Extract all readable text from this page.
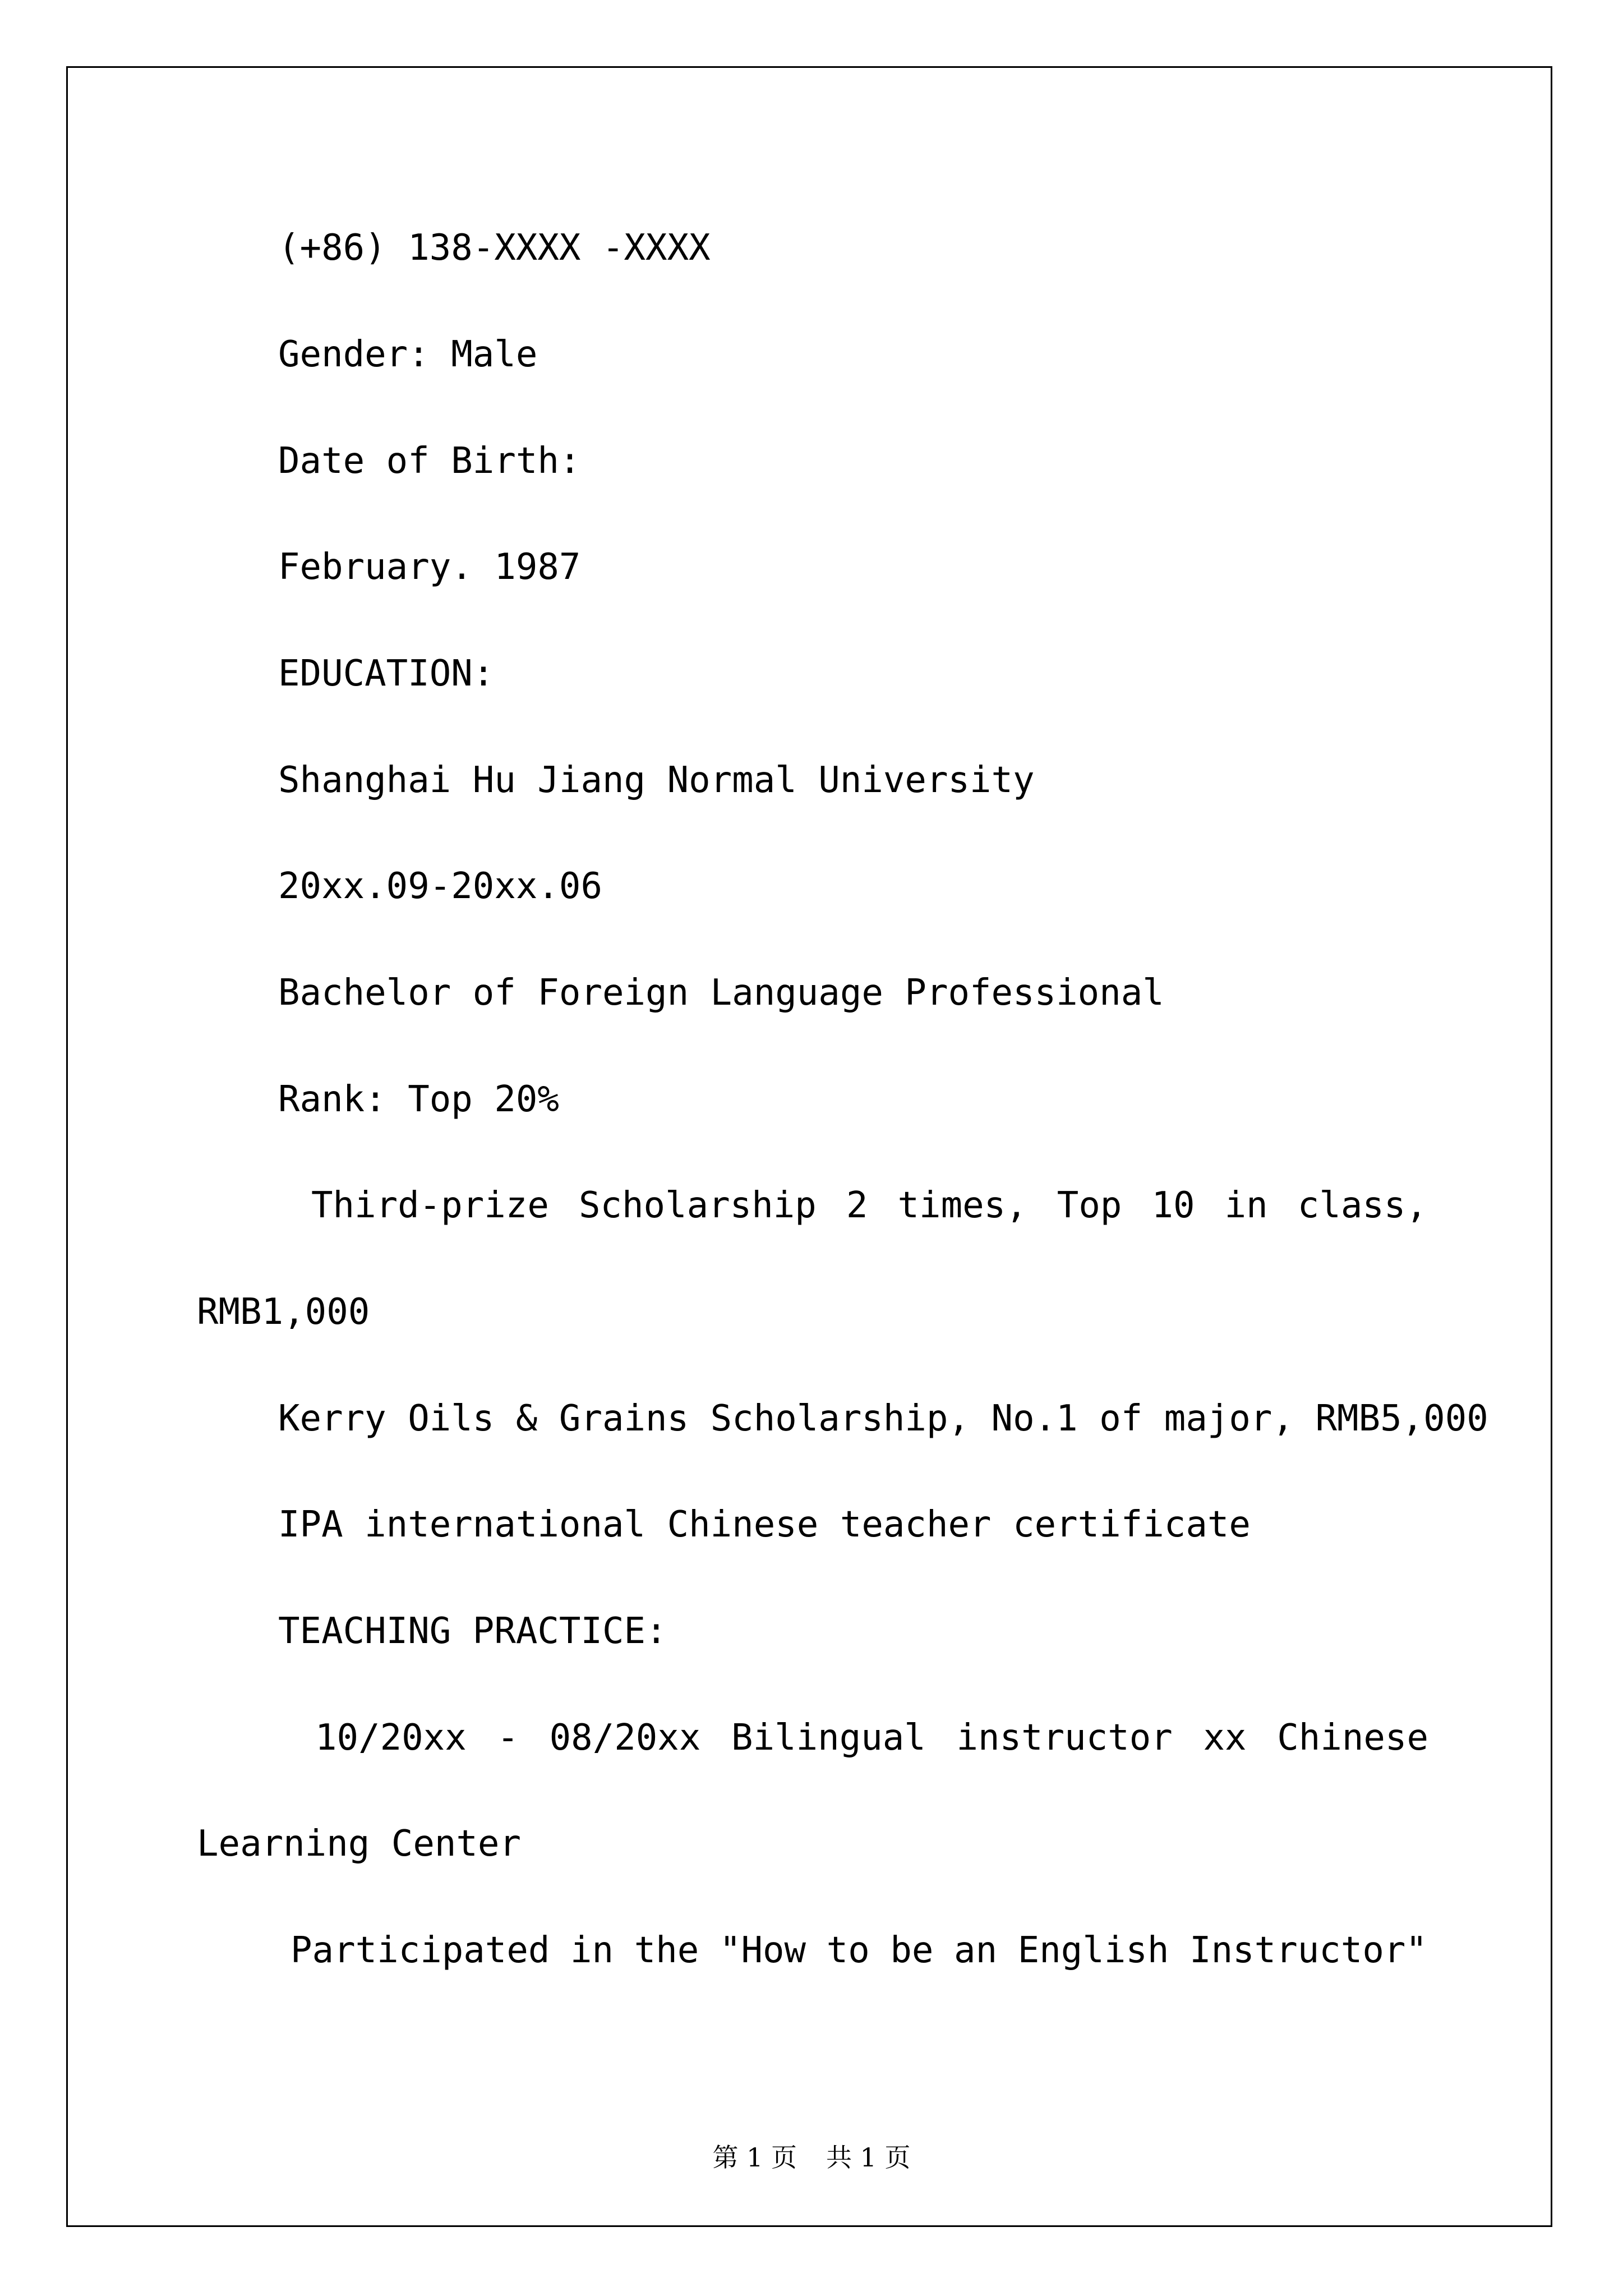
(+86) 138-XXXX -XXXX
Gender: Male
Date of Birth:
February. 1987
EDUCATION:
Shanghai Hu Jiang Normal University
20xx.09-20xx.06
Bachelor of Foreign Language Professional
Rank: Top 20%
Third-prize Scholarship 2 times, Top 10 in class,
RMB1,000
Kerry Oils & Grains Scholarship, No.1 of major, RMB5,000
IPA international Chinese teacher certificate
TEACHING PRACTICE:
10/20xx - 08/20xx Bilingual instructor xx Chinese
Learning Center
Participated in the "How to be an English Instructor"
第 1 页 共 1 页
